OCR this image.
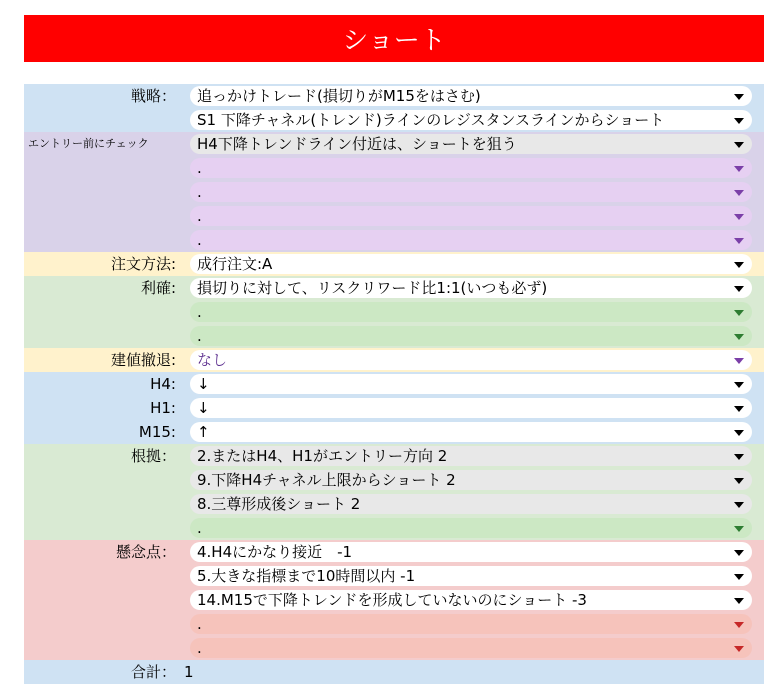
ショート
戦略：	追っかけトレード(損切りがM15をはさむ)
S1 下降チャネル(トレンド)ラインのレジスタンスラインからショート
エントリー前にチェック	H4下降トレンドライン付近は、ショートを狙う
.
.
.
.
注文方法:	成行注文:A
利確:	損切りに対して、リスクリワード比1:1(いつも必ず)
.
.
建値撤退:	なし
H4:	↓
H1:	↓
M15:	↑
根拠：	2.またはH4、H1がエントリー方向 2
9.下降H4チャネル上限からショート 2
8.三尊形成後ショート 2
.
懸念点：	4.H4にかなり接近　-1
5.大きな指標まで10時間以内 -1
14.M15で下降トレンドを形成していないのにショート -3
.
.
合計： 1
